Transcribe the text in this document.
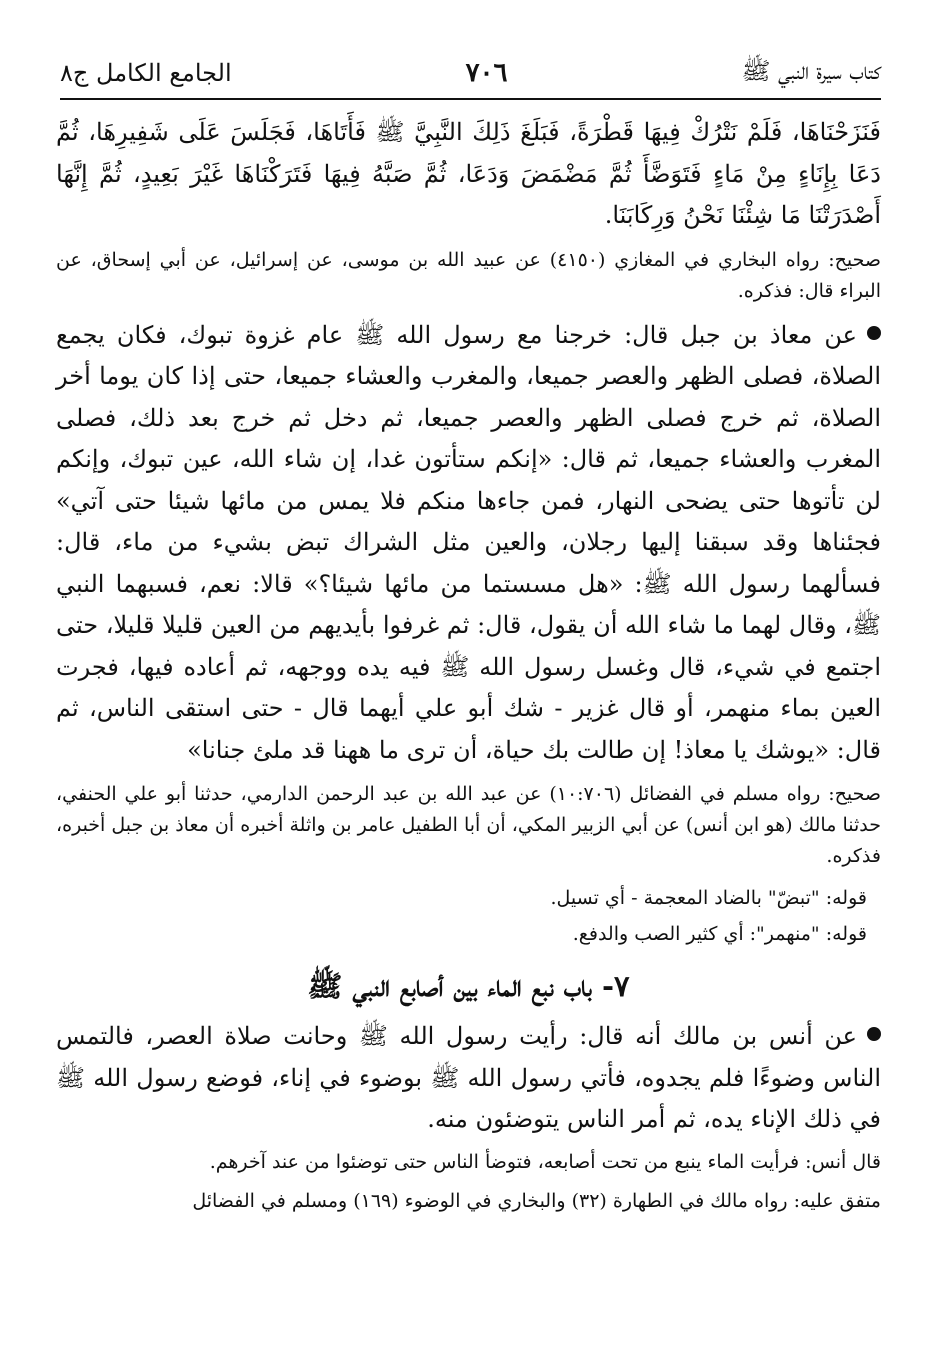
كتاب سيرة النبي ﷺ
٧٠٦
الجامع الكامل ج٨

فَنَزَحْنَاهَا، فَلَمْ نَتْرُكْ فِيهَا قَطْرَةً، فَبَلَغَ ذَلِكَ النَّبِيَّ ﷺ فَأَتَاهَا، فَجَلَسَ عَلَى شَفِيرِهَا، ثُمَّ دَعَا بِإِنَاءٍ مِنْ مَاءٍ فَتَوَضَّأَ ثُمَّ مَضْمَضَ وَدَعَا، ثُمَّ صَبَّهُ فِيهَا فَتَرَكْنَاهَا غَيْرَ بَعِيدٍ، ثُمَّ إِنَّهَا أَصْدَرَتْنَا مَا شِئْنَا نَحْنُ وَرِكَابَنَا.

صحيح: رواه البخاري في المغازي (٤١٥٠) عن عبيد الله بن موسى، عن إسرائيل، عن أبي إسحاق، عن البراء قال: فذكره.

عن معاذ بن جبل قال: خرجنا مع رسول الله ﷺ عام غزوة تبوك، فكان يجمع الصلاة، فصلى الظهر والعصر جميعا، والمغرب والعشاء جميعا، حتى إذا كان يوما أخر الصلاة، ثم خرج فصلى الظهر والعصر جميعا، ثم دخل ثم خرج بعد ذلك، فصلى المغرب والعشاء جميعا، ثم قال: «إنكم ستأتون غدا، إن شاء الله، عين تبوك، وإنكم لن تأتوها حتى يضحى النهار، فمن جاءها منكم فلا يمس من مائها شيئا حتى آتي» فجئناها وقد سبقنا إليها رجلان، والعين مثل الشراك تبض بشيء من ماء، قال: فسألهما رسول الله ﷺ: «هل مسستما من مائها شيئا؟» قالا: نعم، فسبهما النبي ﷺ، وقال لهما ما شاء الله أن يقول، قال: ثم غرفوا بأيديهم من العين قليلا قليلا، حتى اجتمع في شيء، قال وغسل رسول الله ﷺ فيه يده ووجهه، ثم أعاده فيها، فجرت العين بماء منهمر، أو قال غزير - شك أبو علي أيهما قال - حتى استقى الناس، ثم قال: «يوشك يا معاذ! إن طالت بك حياة، أن ترى ما ههنا قد ملئ جنانا»

صحيح: رواه مسلم في الفضائل (١٠:٧٠٦) عن عبد الله بن عبد الرحمن الدارمي، حدثنا أبو علي الحنفي، حدثنا مالك (هو ابن أنس) عن أبي الزبير المكي، أن أبا الطفيل عامر بن واثلة أخبره أن معاذ بن جبل أخبره، فذكره.

قوله: "تبضّ" بالضاد المعجمة - أي تسيل.

قوله: "منهمر": أي كثير الصب والدفع.

٧- باب نبع الماء بين أصابع النبي ﷺ

عن أنس بن مالك أنه قال: رأيت رسول الله ﷺ وحانت صلاة العصر، فالتمس الناس وضوءًا فلم يجدوه، فأتي رسول الله ﷺ بوضوء في إناء، فوضع رسول الله ﷺ في ذلك الإناء يده، ثم أمر الناس يتوضئون منه.

قال أنس: فرأيت الماء ينبع من تحت أصابعه، فتوضأ الناس حتى توضئوا من عند آخرهم.

متفق عليه: رواه مالك في الطهارة (٣٢) والبخاري في الوضوء (١٦٩) ومسلم في الفضائل
